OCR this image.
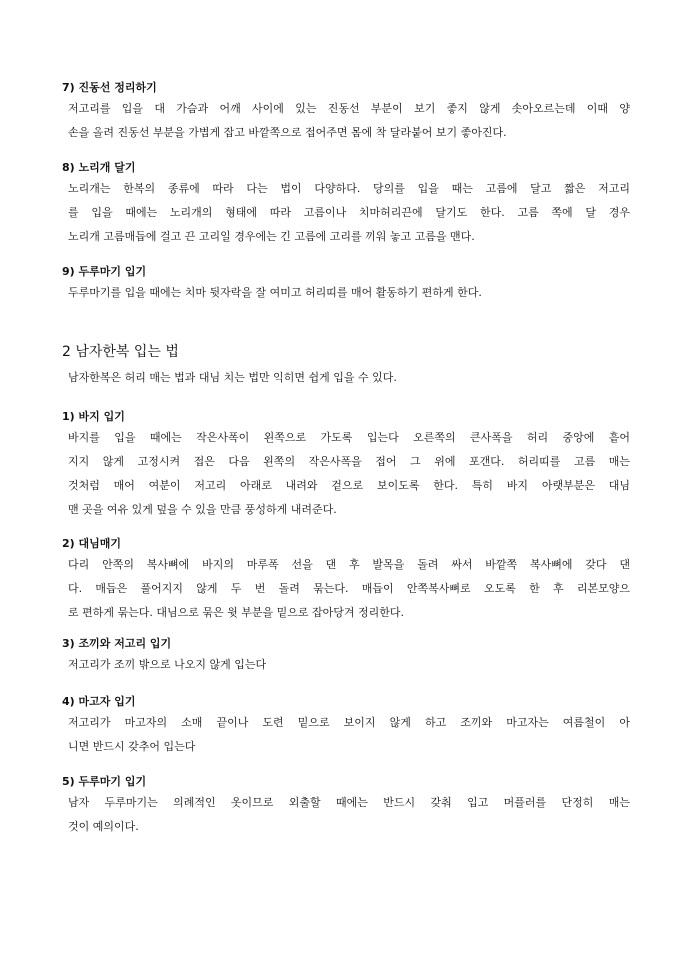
7) 진동선 정리하기

저고리를 입을 대 가슴과 어깨 사이에 있는 진동선 부분이 보기 좋지 않게 솟아오르는데 이때 양
손을 올려 진동선 부분을 가볍게 잡고 바깥쪽으로 접어주면 몸에 착 달라붙어 보기 좋아진다.

8) 노리개 달기

노리개는 한복의 종류에 따라 다는 법이 다양하다. 당의를 입을 때는 고름에 달고 짧은 저고리
를 입을 때에는 노리개의 형태에 따라 고름이나 치마허리끈에 달기도 한다. 고름 쪽에 달 경우
노리개 고름매듭에 걸고 끈 고리일 경우에는 긴 고름에 고리를 끼워 놓고 고름을 맨다.

9) 두루마기 입기

두루마기를 입을 때에는 치마 뒷자락을 잘 여미고 허리띠를 매어 활동하기 편하게 한다.

2 남자한복 입는 법

남자한복은 허리 매는 법과 대님 치는 법만 익히면 쉽게 입을 수 있다.

1) 바지 입기

바지를 입을 때에는 작은사폭이 왼쪽으로 가도록 입는다 오른쪽의 큰사폭을 허리 중앙에 흩어
지지 않게 고정시켜 접은 다음 왼쪽의 작은사폭을 접어 그 위에 포갠다. 허리띠를 고름 매는
것처럼 매어 여분이 저고리 아래로 내려와 겉으로 보이도록 한다. 특히 바지 아랫부분은 대님
맨 곳을 여유 있게 덮을 수 있을 만큼 풍성하게 내려준다.

2) 대님매기

다리 안쪽의 복사뼈에 바지의 마루폭 선을 댄 후 발목을 돌려 싸서 바깥쪽 복사뼈에 갖다 댄
다. 매듭은 풀어지지 않게 두 번 돌려 묶는다. 매듭이 안쪽복사뼈로 오도록 한 후 리본모양으
로 편하게 묶는다. 대님으로 묶은 윗 부분을 밑으로 잡아당겨 정리한다.

3) 조끼와 저고리 입기

저고리가 조끼 밖으로 나오지 않게 입는다

4) 마고자 입기

저고리가 마고자의 소매 끝이나 도련 밑으로 보이지 않게 하고 조끼와 마고자는 여름철이 아
니면 반드시 갖추어 입는다

5) 두루마기 입기

남자 두루마기는 의례적인 옷이므로 외출할 때에는 반드시 갖춰 입고 머플러를 단정히 매는
것이 예의이다.
